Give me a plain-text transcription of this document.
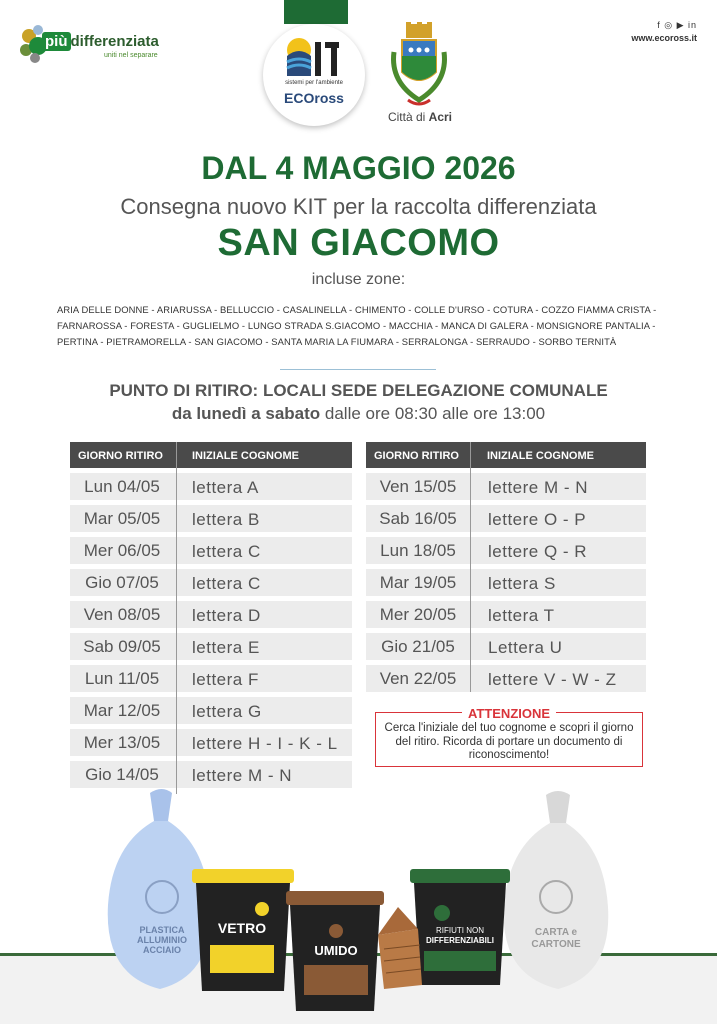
più differenziata
uniti nel separare
sistemi per l'ambiente
ECOross
Città di Acri
f ◎ ▶ in
www.ecoross.it
DAL 4 MAGGIO 2026
Consegna nuovo KIT per la raccolta differenziata
SAN GIACOMO
incluse zone:
ARIA DELLE DONNE - ARIARUSSA - BELLUCCIO - CASALINELLA - CHIMENTO - COLLE D'URSO - COTURA - COZZO FIAMMA CRISTA - FARNAROSSA - FORESTA - GUGLIELMO - LUNGO STRADA S.GIACOMO - MACCHIA - MANCA DI GALERA - MONSIGNORE PANTALIA - PERTINA - PIETRAMORELLA - SAN GIACOMO - SANTA MARIA LA FIUMARA - SERRALONGA - SERRAUDO - SORBO TERNITÀ
PUNTO DI RITIRO: LOCALI SEDE DELEGAZIONE COMUNALE
da lunedì a sabato dalle ore 08:30 alle ore 13:00
GIORNO RITIRO	INIZIALE COGNOME
Lun 04/05	lettera A
Mar 05/05	lettera B
Mer 06/05	lettera C
Gio 07/05	lettera C
Ven 08/05	lettera D
Sab 09/05	lettera E
Lun 11/05	lettera F
Mar 12/05	lettera G
Mer 13/05	lettere H - I - K - L
Gio 14/05	lettere M - N
GIORNO RITIRO	INIZIALE COGNOME
Ven 15/05	lettere M - N
Sab 16/05	lettere O - P
Lun 18/05	lettere Q - R
Mar 19/05	lettera S
Mer 20/05	lettera T
Gio 21/05	Lettera U
Ven 22/05	lettere V - W - Z
ATTENZIONE
Cerca l'iniziale del tuo cognome e scopri il giorno del ritiro. Ricorda di portare un documento di riconoscimento!
PLASTICA
ALLUMINIO
ACCIAIO
CARTA e
CARTONE
RIFIUTI NON
DIFFERENZIABILI
VETRO
UMIDO
